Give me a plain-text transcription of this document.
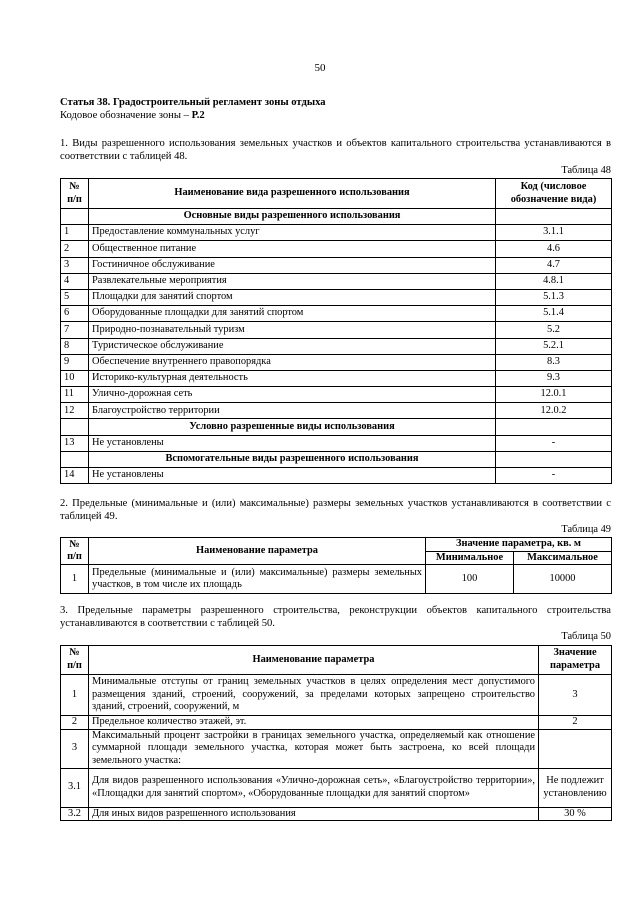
50
Статья 38. Градостроительный регламент зоны отдыха
Кодовое обозначение зоны – Р.2
1. Виды разрешенного использования земельных участков и объектов капитального строительства устанавливаются в соответствии с таблицей 48.
Таблица 48
№ п/п	Наименование вида разрешенного использования	Код (числовое обозначение вида)
	Основные виды разрешенного использования	
1	Предоставление коммунальных услуг	3.1.1
2	Общественное питание	4.6
3	Гостиничное обслуживание	4.7
4	Развлекательные мероприятия	4.8.1
5	Площадки для занятий спортом	5.1.3
6	Оборудованные площадки для занятий спортом	5.1.4
7	Природно-познавательный туризм	5.2
8	Туристическое обслуживание	5.2.1
9	Обеспечение внутреннего правопорядка	8.3
10	Историко-культурная деятельность	9.3
11	Улично-дорожная сеть	12.0.1
12	Благоустройство территории	12.0.2
	Условно разрешенные виды использования	
13	Не установлены	-
	Вспомогательные виды разрешенного использования	
14	Не установлены	-
2. Предельные (минимальные и (или) максимальные) размеры земельных участков устанавливаются в соответствии с таблицей 49.
Таблица 49
№ п/п	Наименование параметра	Значение параметра, кв. м	
		Минимальное	Максимальное
1	Предельные (минимальные и (или) максимальные) размеры земельных участков, в том числе их площадь	100	10000
3. Предельные параметры разрешенного строительства, реконструкции объектов капитального строительства устанавливаются в соответствии с таблицей 50.
Таблица 50
№ п/п	Наименование параметра	Значение параметра
1	Минимальные отступы от границ земельных участков в целях определения мест допустимого размещения зданий, строений, сооружений, за пределами которых запрещено строительство зданий, строений, сооружений, м	3
2	Предельное количество этажей, эт.	2
3	Максимальный процент застройки в границах земельного участка, определяемый как отношение суммарной площади земельного участка, которая может быть застроена, ко всей площади земельного участка:	
3.1	Для видов разрешенного использования «Улично-дорожная сеть», «Благоустройство территории», «Площадки для занятий спортом», «Оборудованные площадки для занятий спортом»	Не подлежит установлению
3.2	Для иных видов разрешенного использования	30 %
